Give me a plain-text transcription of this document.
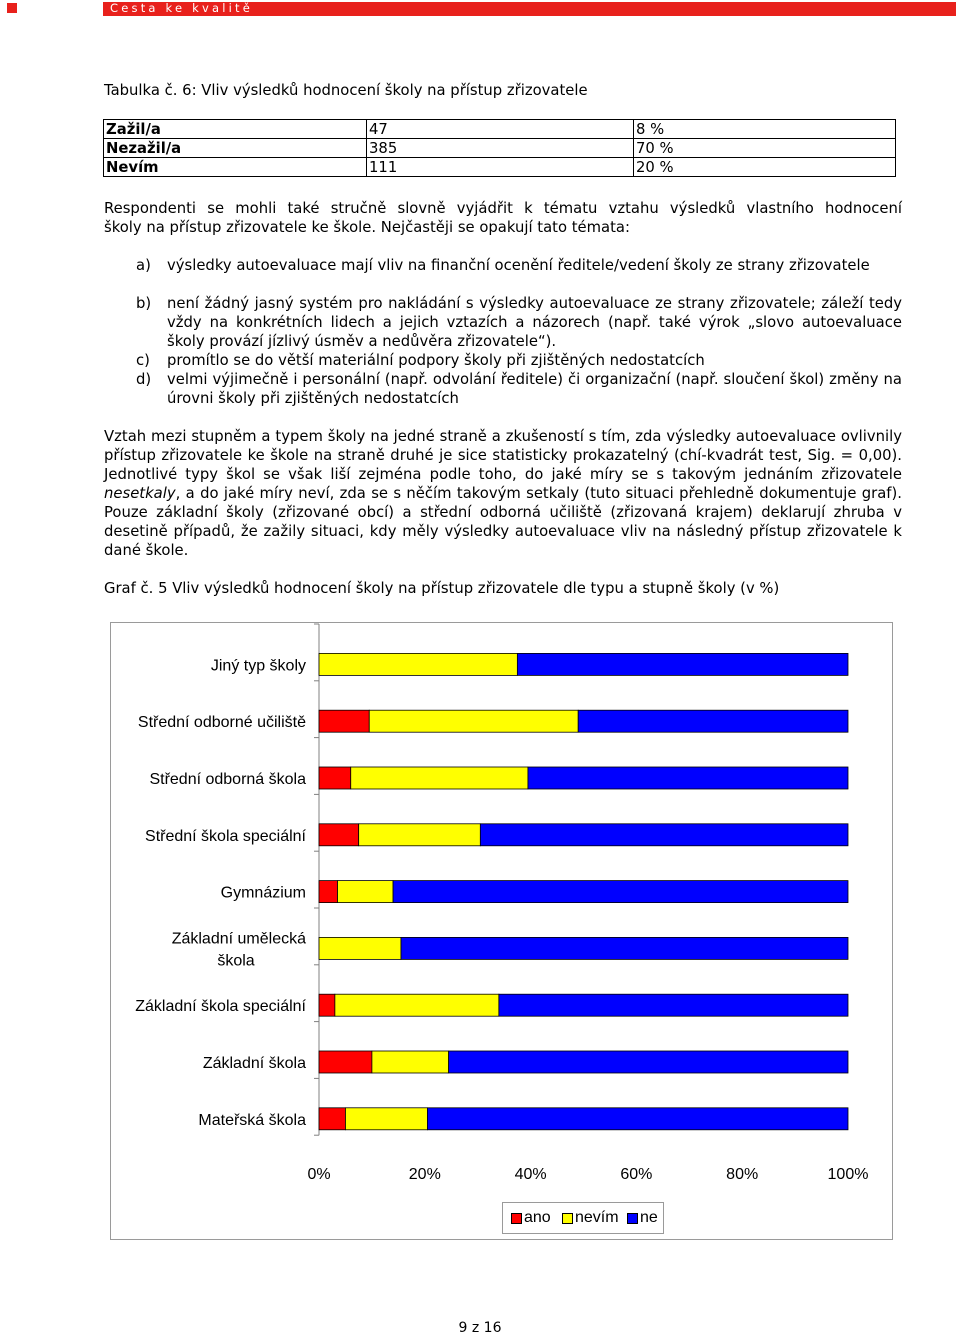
Cesta ke kvalitě
Tabulka č. 6: Vliv výsledků hodnocení školy na přístup zřizovatele
Zažil/a	47	8 %
Nezažil/a	385	70 %
Nevím	111	20 %
Respondenti se mohli také stručně slovně vyjádřit k tématu vztahu výsledků vlastního hodnocení
školy na přístup zřizovatele ke škole. Nejčastěji se opakují tato témata:
a) výsledky autoevaluace mají vliv na finanční ocenění ředitele/vedení školy ze strany zřizovatele
b) není žádný jasný systém pro nakládání s výsledky autoevaluace ze strany zřizovatele; záleží tedy vždy na konkrétních lidech a jejich vztazích a názorech (např. také výrok „slovo autoevaluace školy provází jízlivý úsměv a nedůvěra zřizovatele“).
c) promítlo se do větší materiální podpory školy při zjištěných nedostatcích
d) velmi výjimečně i personální (např. odvolání ředitele) či organizační (např. sloučení škol) změny na úrovni školy při zjištěných nedostatcích
Vztah mezi stupněm a typem školy na jedné straně a zkušeností s tím, zda výsledky autoevaluace ovlivnily přístup zřizovatele ke škole na straně druhé je sice statisticky prokazatelný (chí-kvadrát test, Sig. = 0,00). Jednotlivé typy škol se však liší zejména podle toho, do jaké míry se s takovým jednáním zřizovatele nesetkaly, a do jaké míry neví, zda se s něčím takovým setkaly (tuto situaci přehledně dokumentuje graf). Pouze základní školy (zřizované obcí) a střední odborná učiliště (zřizovaná krajem) deklarují zhruba v desetině případů, že zažily situaci, kdy měly výsledky autoevaluace vliv na následný přístup zřizovatele k dané škole.
Graf č. 5 Vliv výsledků hodnocení školy na přístup zřizovatele dle typu a stupně školy (v %)
Jiný typ školy
Střední odborné učiliště
Střední odborná škola
Střední škola speciální
Gymnázium
Základní umělecká
škola
Základní škola speciální
Základní škola
Mateřská škola
0%	20%	40%	60%	80%	100%
ano nevím ne
9 z 16
